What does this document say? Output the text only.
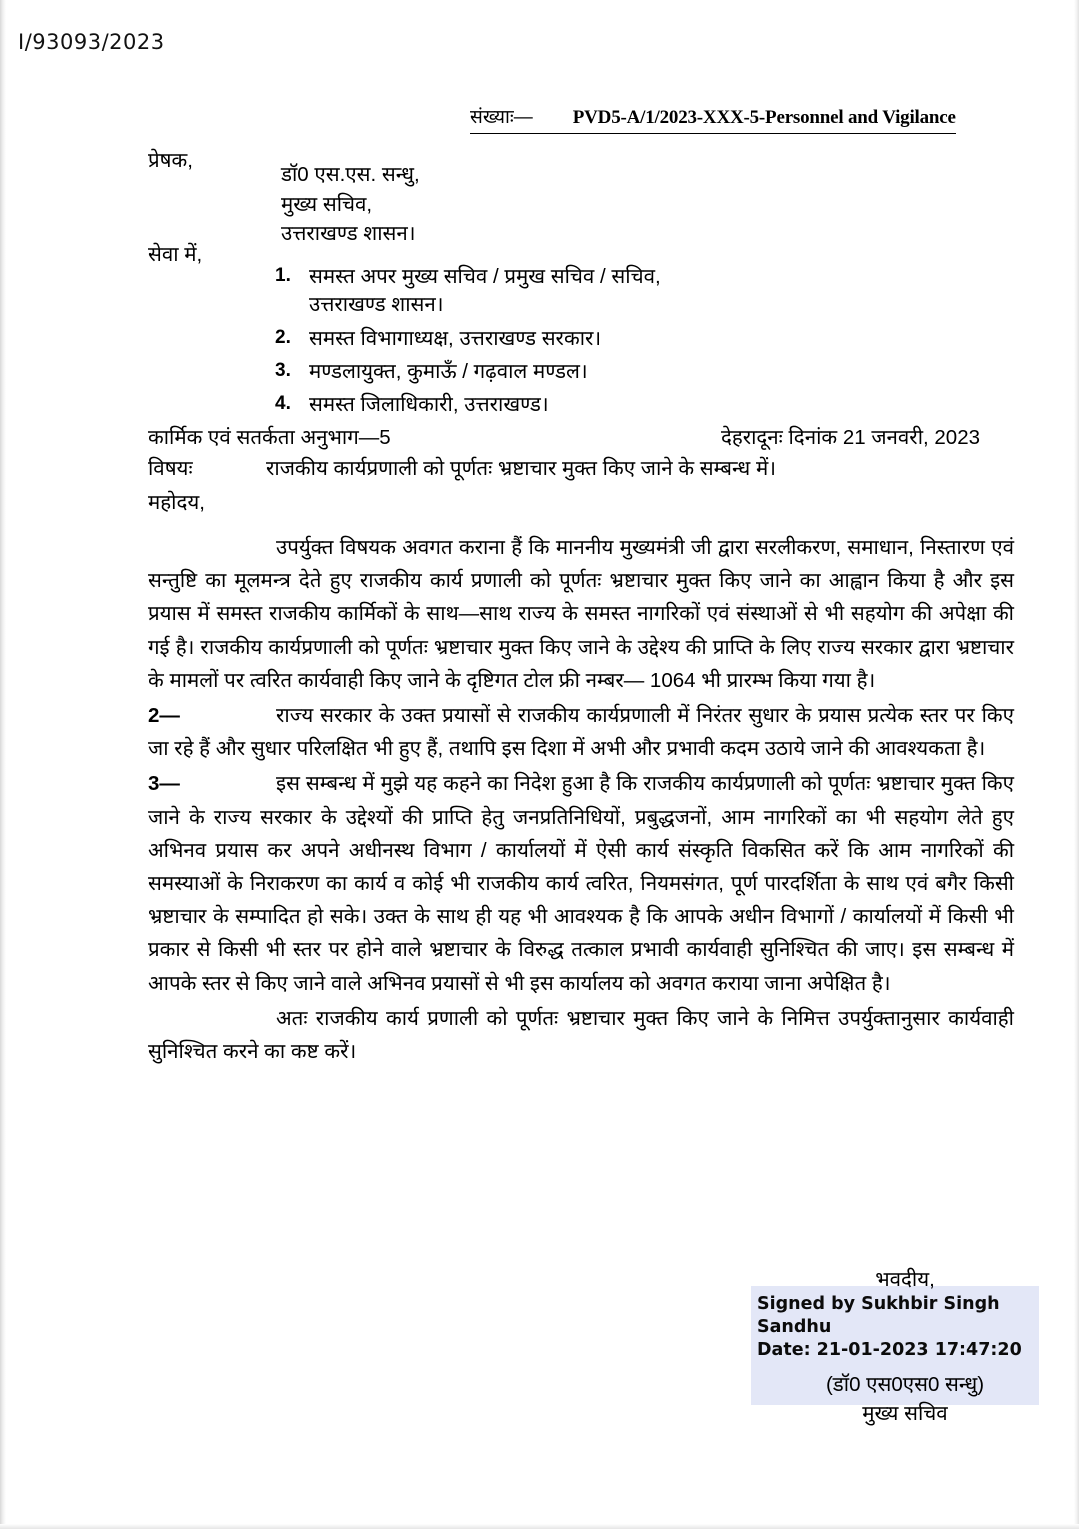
I/93093/2023
संख्याः— PVD5-A/1/2023-XXX-5-Personnel and Vigilance
प्रेषक,
डॉ0 एस.एस. सन्धु,
मुख्य सचिव,
उत्तराखण्ड शासन।
सेवा में,
1. समस्त अपर मुख्य सचिव / प्रमुख सचिव / सचिव,
उत्तराखण्ड शासन।
2. समस्त विभागाध्यक्ष, उत्तराखण्ड सरकार।
3. मण्डलायुक्त, कुमाऊँ / गढ़वाल मण्डल।
4. समस्त जिलाधिकारी, उत्तराखण्ड।
कार्मिक एवं सतर्कता अनुभाग—5	देहरादूनः दिनांक 21 जनवरी, 2023
विषयः	राजकीय कार्यप्रणाली को पूर्णतः भ्रष्टाचार मुक्त किए जाने के सम्बन्ध में।
महोदय,

उपर्युक्त विषयक अवगत कराना हैं कि माननीय मुख्यमंत्री जी द्वारा सरलीकरण, समाधान, निस्तारण एवं सन्तुष्टि का मूलमन्त्र देते हुए राजकीय कार्य प्रणाली को पूर्णतः भ्रष्टाचार मुक्त किए जाने का आह्वान किया है और इस प्रयास में समस्त राजकीय कार्मिकों के साथ—साथ राज्य के समस्त नागरिकों एवं संस्थाओं से भी सहयोग की अपेक्षा की गई है। राजकीय कार्यप्रणाली को पूर्णतः भ्रष्टाचार मुक्त किए जाने के उद्देश्य की प्राप्ति के लिए राज्य सरकार द्वारा भ्रष्टाचार के मामलों पर त्वरित कार्यवाही किए जाने के दृष्टिगत टोल फ्री नम्बर— 1064 भी प्रारम्भ किया गया है।

2—	राज्य सरकार के उक्त प्रयासों से राजकीय कार्यप्रणाली में निरंतर सुधार के प्रयास प्रत्येक स्तर पर किए जा रहे हैं और सुधार परिलक्षित भी हुए हैं, तथापि इस दिशा में अभी और प्रभावी कदम उठाये जाने की आवश्यकता है।

3—	इस सम्बन्ध में मुझे यह कहने का निदेश हुआ है कि राजकीय कार्यप्रणाली को पूर्णतः भ्रष्टाचार मुक्त किए जाने के राज्य सरकार के उद्देश्यों की प्राप्ति हेतु जनप्रतिनिधियों, प्रबुद्धजनों, आम नागरिकों का भी सहयोग लेते हुए अभिनव प्रयास कर अपने अधीनस्थ विभाग / कार्यालयों में ऐसी कार्य संस्कृति विकसित करें कि आम नागरिकों की समस्याओं के निराकरण का कार्य व कोई भी राजकीय कार्य त्वरित, नियमसंगत, पूर्ण पारदर्शिता के साथ एवं बगैर किसी भ्रष्टाचार के सम्पादित हो सके। उक्त के साथ ही यह भी आवश्यक है कि आपके अधीन विभागों / कार्यालयों में किसी भी प्रकार से किसी भी स्तर पर होने वाले भ्रष्टाचार के विरुद्ध तत्काल प्रभावी कार्यवाही सुनिश्चित की जाए। इस सम्बन्ध में आपके स्तर से किए जाने वाले अभिनव प्रयासों से भी इस कार्यालय को अवगत कराया जाना अपेक्षित है।

अतः राजकीय कार्य प्रणाली को पूर्णतः भ्रष्टाचार मुक्त किए जाने के निमित्त उपर्युक्तानुसार कार्यवाही सुनिश्चित करने का कष्ट करें।

Signed by Sukhbir Singh
Sandhu
Date: 21-01-2023 17:47:20
भवदीय,
(डॉ0 एस0एस0 सन्धु)
मुख्य सचिव
